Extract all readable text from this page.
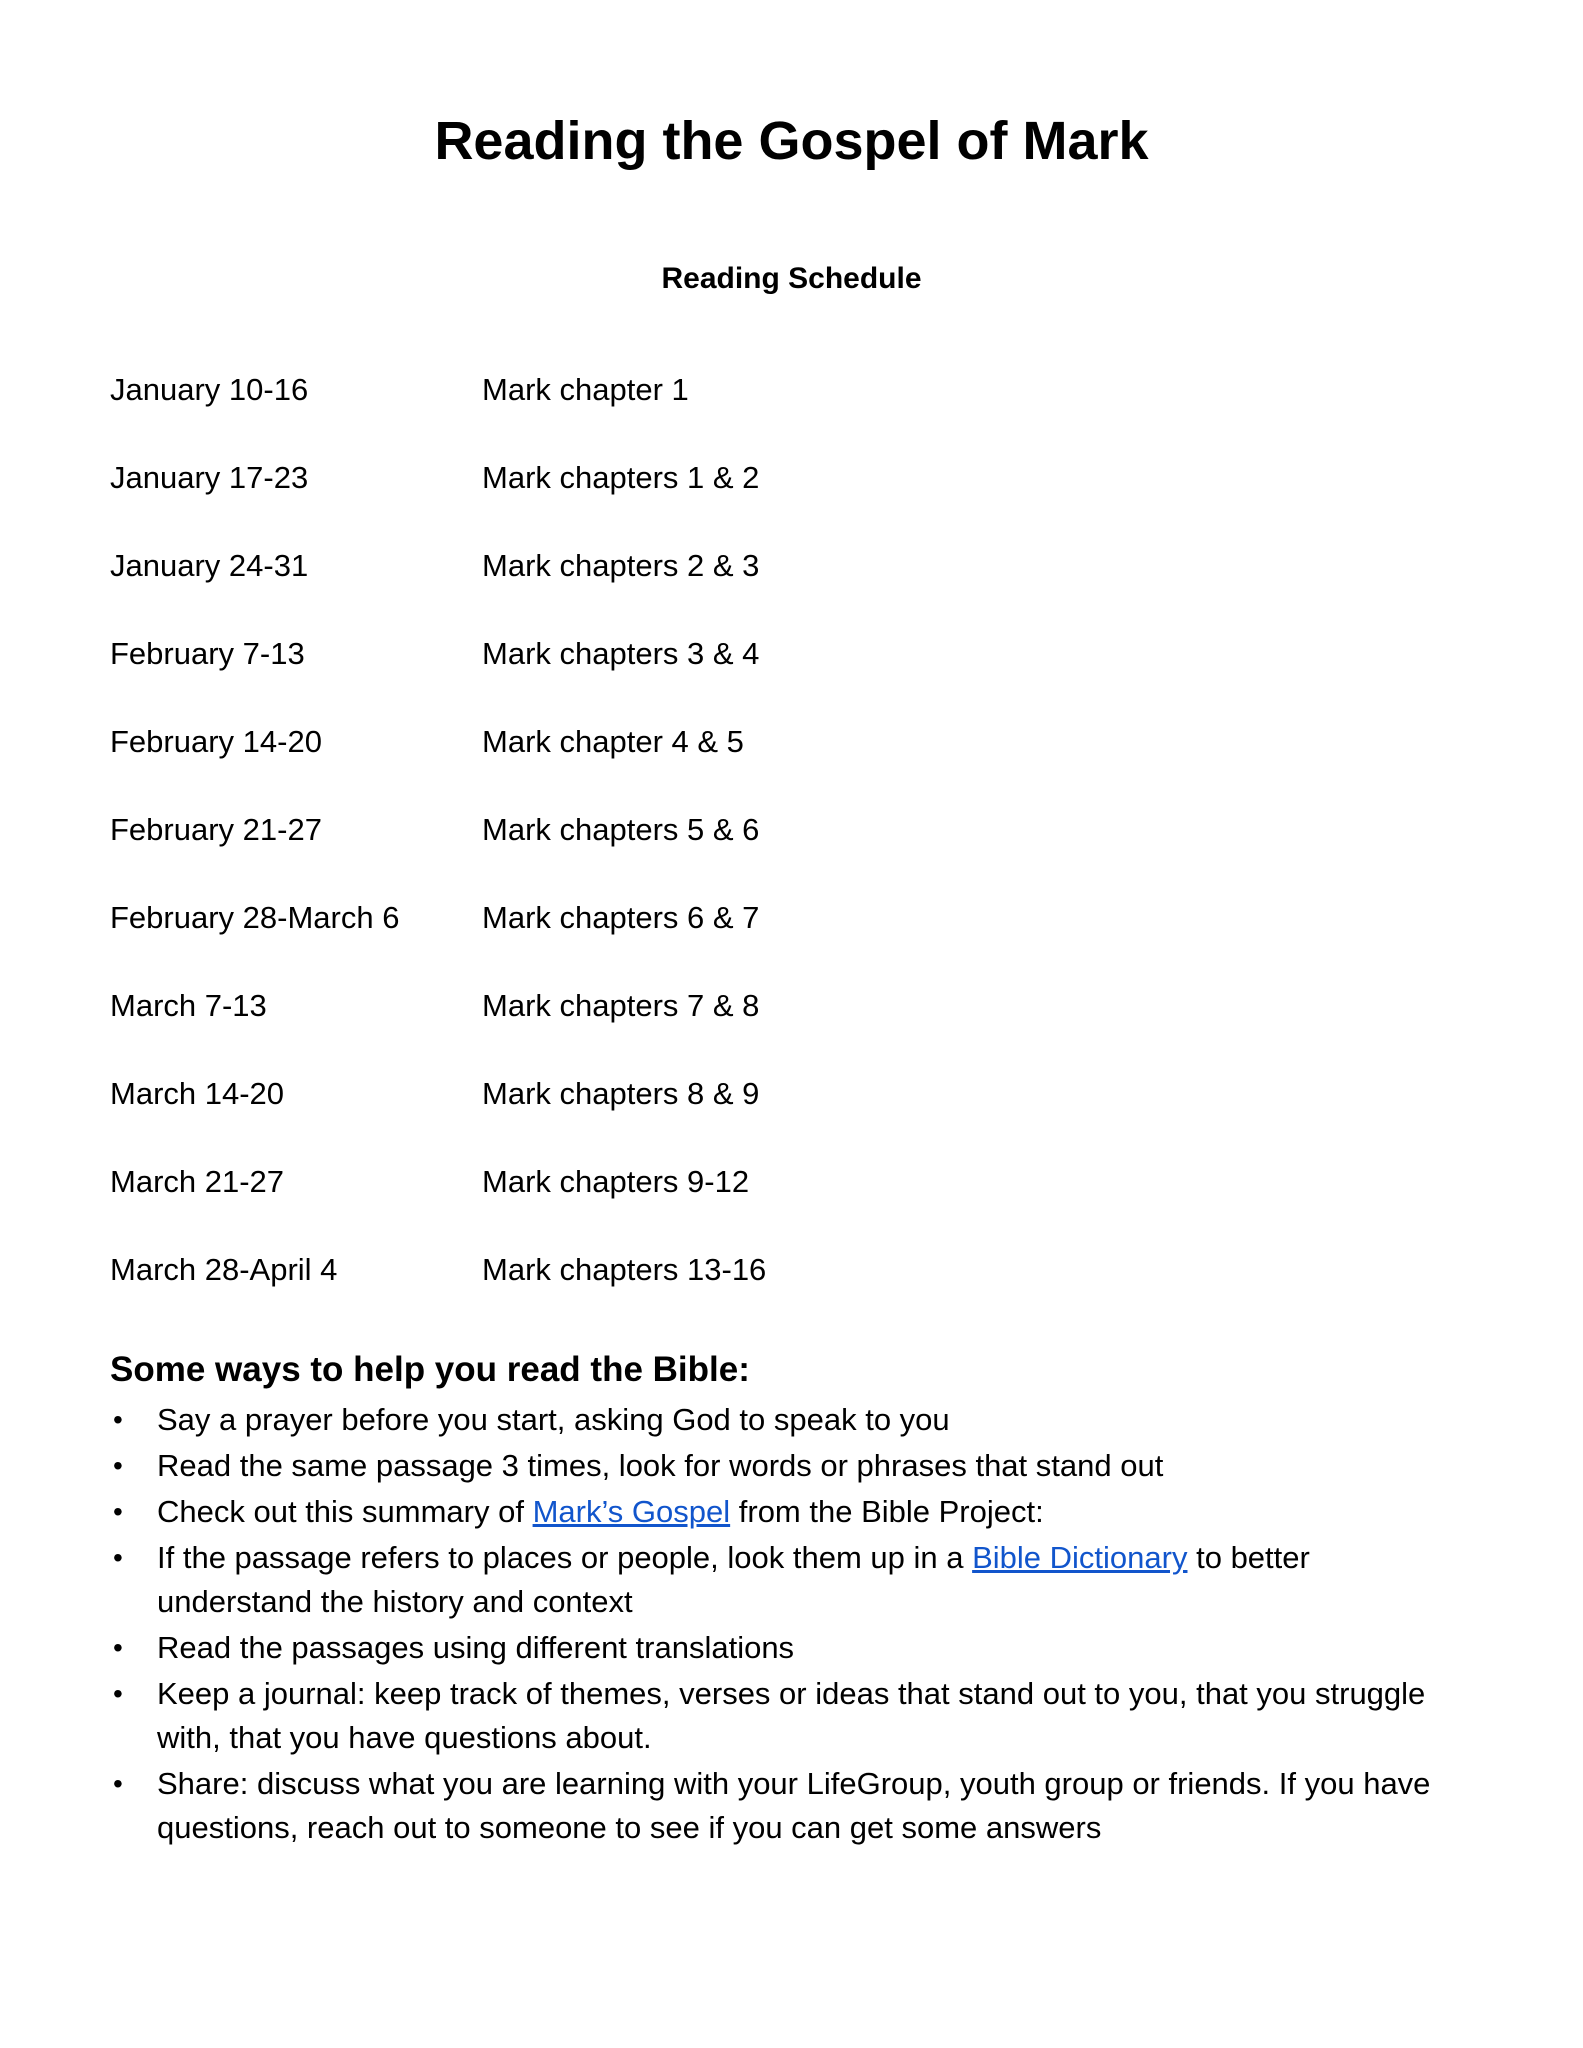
Reading the Gospel of Mark
Reading Schedule
January 10-16	Mark chapter 1
January 17-23	Mark chapters 1 & 2
January 24-31	Mark chapters 2 & 3
February 7-13	Mark chapters 3 & 4
February 14-20	Mark chapter 4 & 5
February 21-27	Mark chapters 5 & 6
February 28-March 6	Mark chapters 6 & 7
March 7-13	Mark chapters 7 & 8
March 14-20	Mark chapters 8 & 9
March 21-27	Mark chapters 9-12
March 28-April 4	Mark chapters 13-16
Some ways to help you read the Bible:
• Say a prayer before you start, asking God to speak to you
• Read the same passage 3 times, look for words or phrases that stand out
• Check out this summary of Mark’s Gospel from the Bible Project:
• If the passage refers to places or people, look them up in a Bible Dictionary to better understand the history and context
• Read the passages using different translations
• Keep a journal: keep track of themes, verses or ideas that stand out to you, that you struggle with, that you have questions about.
• Share: discuss what you are learning with your LifeGroup, youth group or friends. If you have questions, reach out to someone to see if you can get some answers
